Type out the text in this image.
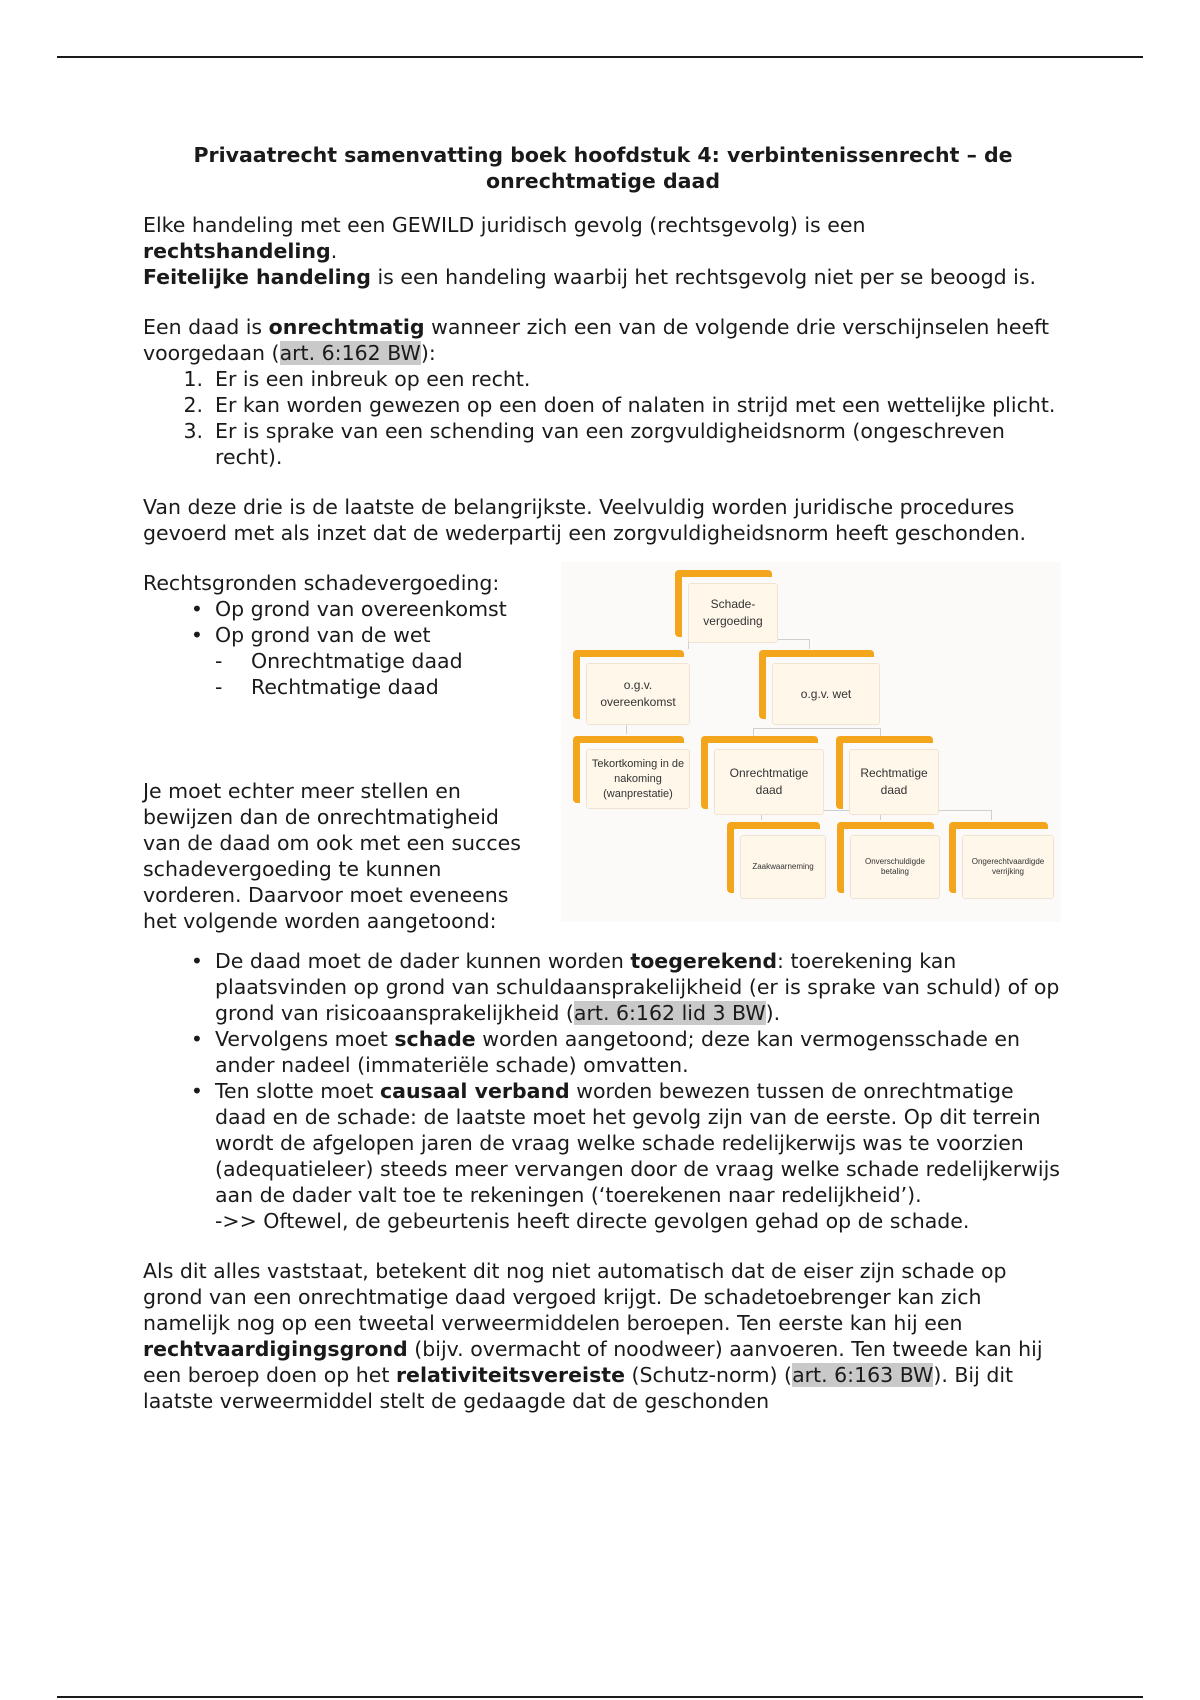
Privaatrecht samenvatting boek hoofdstuk 4: verbintenissenrecht – de onrechtmatige daad

Elke handeling met een GEWILD juridisch gevolg (rechtsgevolg) is een rechtshandeling.

Feitelijke handeling is een handeling waarbij het rechtsgevolg niet per se beoogd is.

Een daad is onrechtmatig wanneer zich een van de volgende drie verschijnselen heeft voorgedaan (art. 6:162 BW):

1. Er is een inbreuk op een recht.
2. Er kan worden gewezen op een doen of nalaten in strijd met een wettelijke plicht.
3. Er is sprake van een schending van een zorgvuldigheidsnorm (ongeschreven recht).

Van deze drie is de laatste de belangrijkste. Veelvuldig worden juridische procedures gevoerd met als inzet dat de wederpartij een zorgvuldigheidsnorm heeft geschonden.

Rechtsgronden schadevergoeding:

• Op grond van overeenkomst
• Op grond van de wet
-	Onrechtmatige daad
-	Rechtmatige daad

Je moet echter meer stellen en bewijzen dan de onrechtmatigheid van de daad om ook met een succes schadevergoeding te kunnen vorderen. Daarvoor moet eveneens het volgende worden aangetoond:

Schade-vergoeding
o.g.v. overeenkomst
o.g.v. wet
Tekortkoming in de nakoming (wanprestatie)
Onrechtmatige daad
Rechtmatige daad
Zaakwaarneming
Onverschuldigde betaling
Ongerechtvaardigde verrijking
• De daad moet de dader kunnen worden toegerekend: toerekening kan plaatsvinden op grond van schuldaansprakelijkheid (er is sprake van schuld) of op grond van risicoaansprakelijkheid (art. 6:162 lid 3 BW).
• Vervolgens moet schade worden aangetoond; deze kan vermogensschade en ander nadeel (immateriële schade) omvatten.
• Ten slotte moet causaal verband worden bewezen tussen de onrechtmatige daad en de schade: de laatste moet het gevolg zijn van de eerste. Op dit terrein wordt de afgelopen jaren de vraag welke schade redelijkerwijs was te voorzien (adequatieleer) steeds meer vervangen door de vraag welke schade redelijkerwijs aan de dader valt toe te rekeningen (‘toerekenen naar redelijkheid’).

->> Oftewel, de gebeurtenis heeft directe gevolgen gehad op de schade.

Als dit alles vaststaat, betekent dit nog niet automatisch dat de eiser zijn schade op grond van een onrechtmatige daad vergoed krijgt. De schadetoebrenger kan zich namelijk nog op een tweetal verweermiddelen beroepen. Ten eerste kan hij een rechtvaardigingsgrond (bijv. overmacht of noodweer) aanvoeren. Ten tweede kan hij een beroep doen op het relativiteitsvereiste (Schutz-norm) (art. 6:163 BW). Bij dit laatste verweermiddel stelt de gedaagde dat de geschonden
